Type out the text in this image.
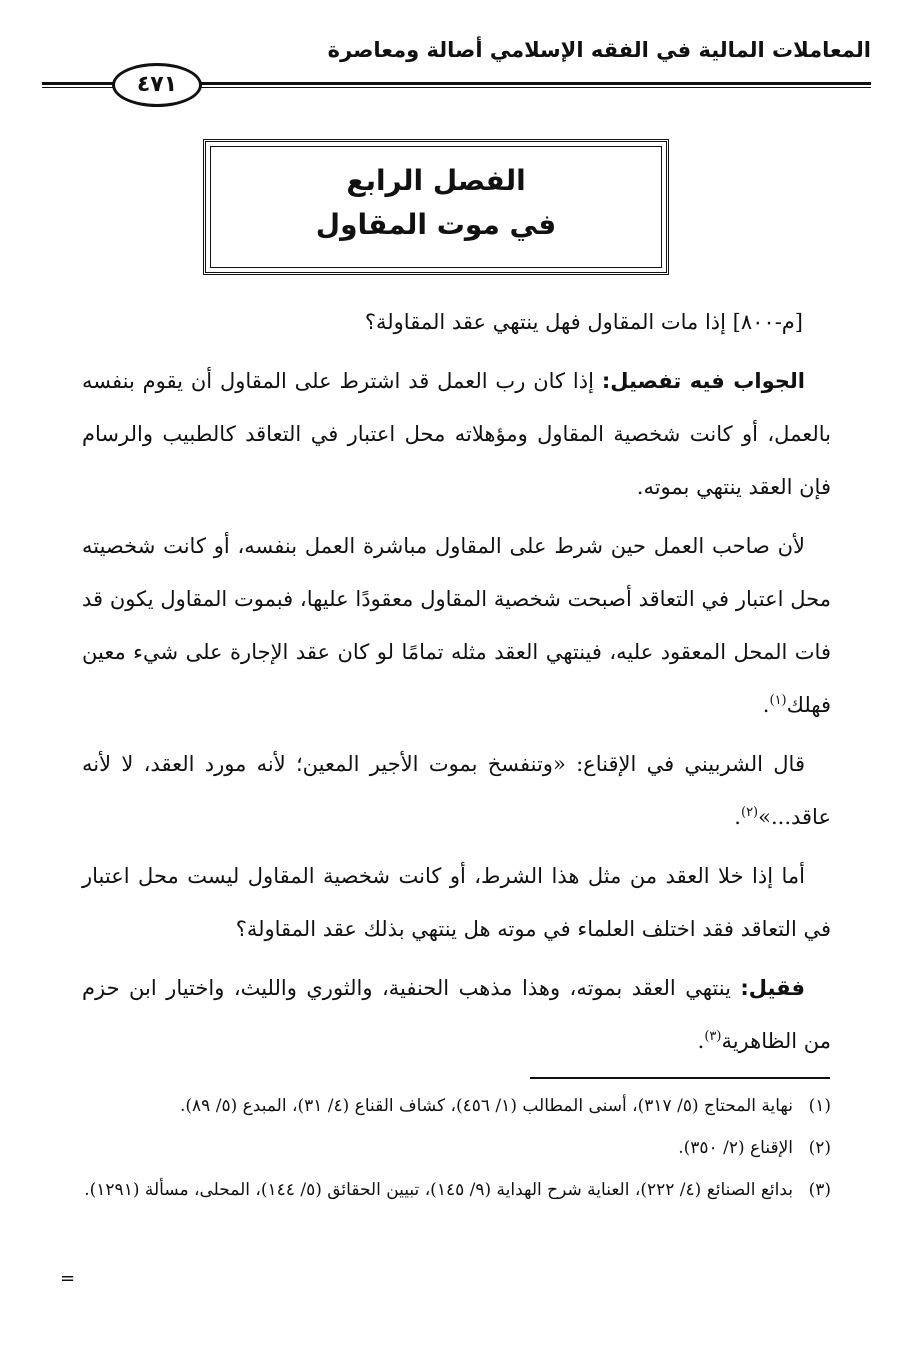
المعاملات المالية في الفقه الإسلامي أصالة ومعاصرة
٤٧١
الفصل الرابع
في موت المقاول

[م-٨٠٠] إذا مات المقاول فهل ينتهي عقد المقاولة؟

الجواب فيه تفصيل: إذا كان رب العمل قد اشترط على المقاول أن يقوم بنفسه بالعمل، أو كانت شخصية المقاول ومؤهلاته محل اعتبار في التعاقد كالطبيب والرسام فإن العقد ينتهي بموته.

لأن صاحب العمل حين شرط على المقاول مباشرة العمل بنفسه، أو كانت شخصيته محل اعتبار في التعاقد أصبحت شخصية المقاول معقودًا عليها، فبموت المقاول يكون قد فات المحل المعقود عليه، فينتهي العقد مثله تمامًا لو كان عقد الإجارة على شيء معين فهلك$^{(١)}$.

قال الشربيني في الإقناع: «وتنفسخ بموت الأجير المعين؛ لأنه مورد العقد، لا لأنه عاقد...»$^{(٢)}$.

أما إذا خلا العقد من مثل هذا الشرط، أو كانت شخصية المقاول ليست محل اعتبار في التعاقد فقد اختلف العلماء في موته هل ينتهي بذلك عقد المقاولة؟

فقيل: ينتهي العقد بموته، وهذا مذهب الحنفية، والثوري والليث، واختيار ابن حزم من الظاهرية$^{(٣)}$.

(١)
نهاية المحتاج (٥/ ٣١٧)، أسنى المطالب (١/ ٤٥٦)، كشاف القناع (٤/ ٣١)، المبدع (٥/ ٨٩).

(٢)
الإقناع (٢/ ٣٥٠).

(٣)
بدائع الصنائع (٤/ ٢٢٢)، العناية شرح الهداية (٩/ ١٤٥)، تبيين الحقائق (٥/ ١٤٤)، المحلى، مسألة (١٢٩١).

=
